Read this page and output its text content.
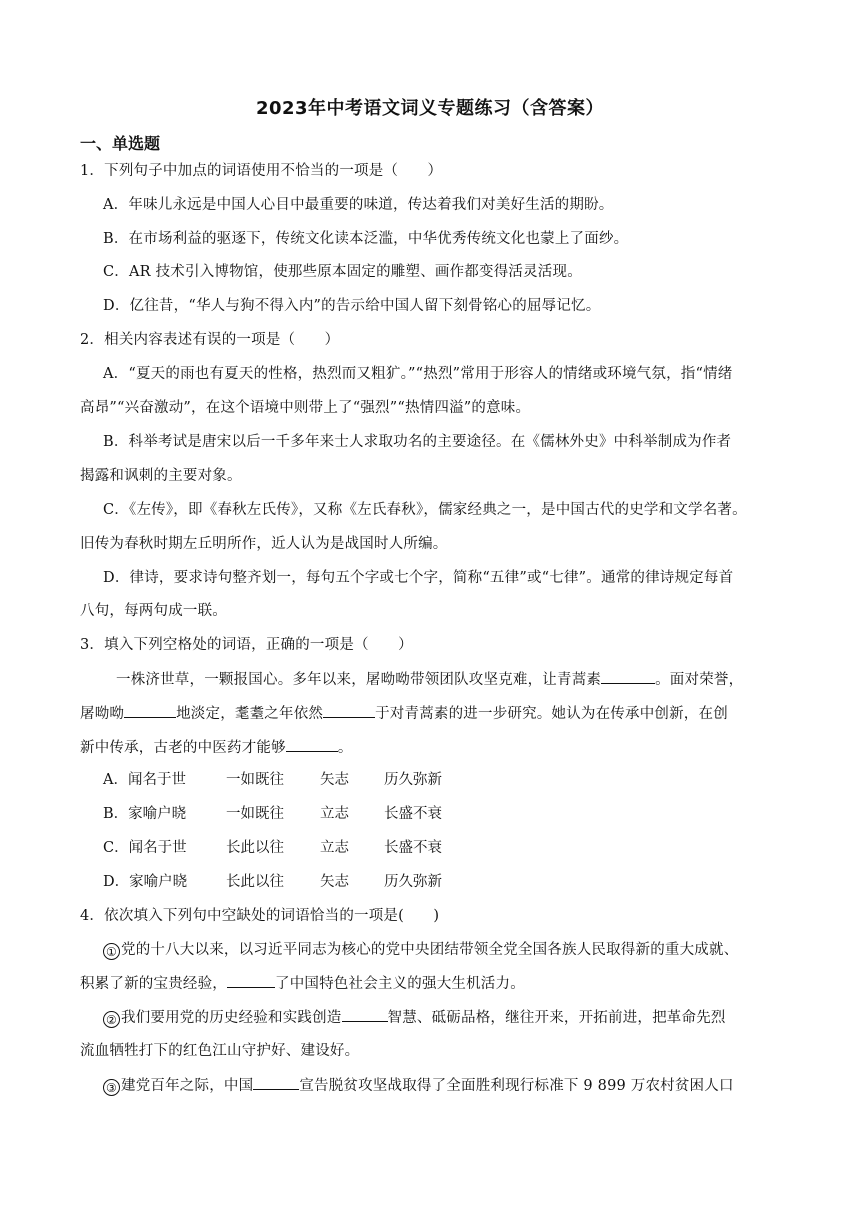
2023年中考语文词义专题练习（含答案）
一、单选题
1．下列句子中加点的词语使用不恰当的一项是（　　）
A．年味儿永远是中国人心目中最重要的味道，传达着我们对美好生活的期盼。
B．在市场利益的驱逐下，传统文化读本泛滥，中华优秀传统文化也蒙上了面纱。
C．AR 技术引入博物馆，使那些原本固定的雕塑、画作都变得活灵活现。
D．亿往昔，“华人与狗不得入内”的告示给中国人留下刻骨铭心的屈辱记忆。
2．相关内容表述有误的一项是（　　）
A．“夏天的雨也有夏天的性格，热烈而又粗犷。”“热烈”常用于形容人的情绪或环境气氛，指“情绪
高昂”“兴奋激动”，在这个语境中则带上了“强烈”“热情四溢”的意味。
B．科举考试是唐宋以后一千多年来士人求取功名的主要途径。在《儒林外史》中科举制成为作者
揭露和讽刺的主要对象。
C．《左传》，即《春秋左氏传》，又称《左氏春秋》，儒家经典之一，是中国古代的史学和文学名著。
旧传为春秋时期左丘明所作，近人认为是战国时人所编。
D．律诗，要求诗句整齐划一，每句五个字或七个字，简称“五律”或“七律”。通常的律诗规定每首
八句，每两句成一联。
3．填入下列空格处的词语，正确的一项是（　　）
一株济世草，一颗报国心。多年以来，屠呦呦带领团队攻坚克难，让青蒿素	。面对荣誉，
屠呦呦	地淡定，耄耋之年依然	于对青蒿素的进一步研究。她认为在传承中创新，在创
新中传承，古老的中医药才能够	。
A．闻名于世	一如既往 矢志 历久弥新
B．家喻户晓	一如既往 立志 长盛不衰
C．闻名于世	长此以往 立志 长盛不衰
D．家喻户晓	长此以往 矢志 历久弥新
4．依次填入下列句中空缺处的词语恰当的一项是(　　)
① 党的十八大以来，以习近平同志为核心的党中央团结带领全党全国各族人民取得新的重大成就、
积累了新的宝贵经验，	了中国特色社会主义的强大生机活力。
② 我们要用党的历史经验和实践创造	智慧、砥砺品格，继往开来，开拓前进，把革命先烈
流血牺牲打下的红色江山守护好、建设好。
③ 建党百年之际，中国	宣告脱贫攻坚战取得了全面胜利现行标准下 9 899 万农村贫困人口
